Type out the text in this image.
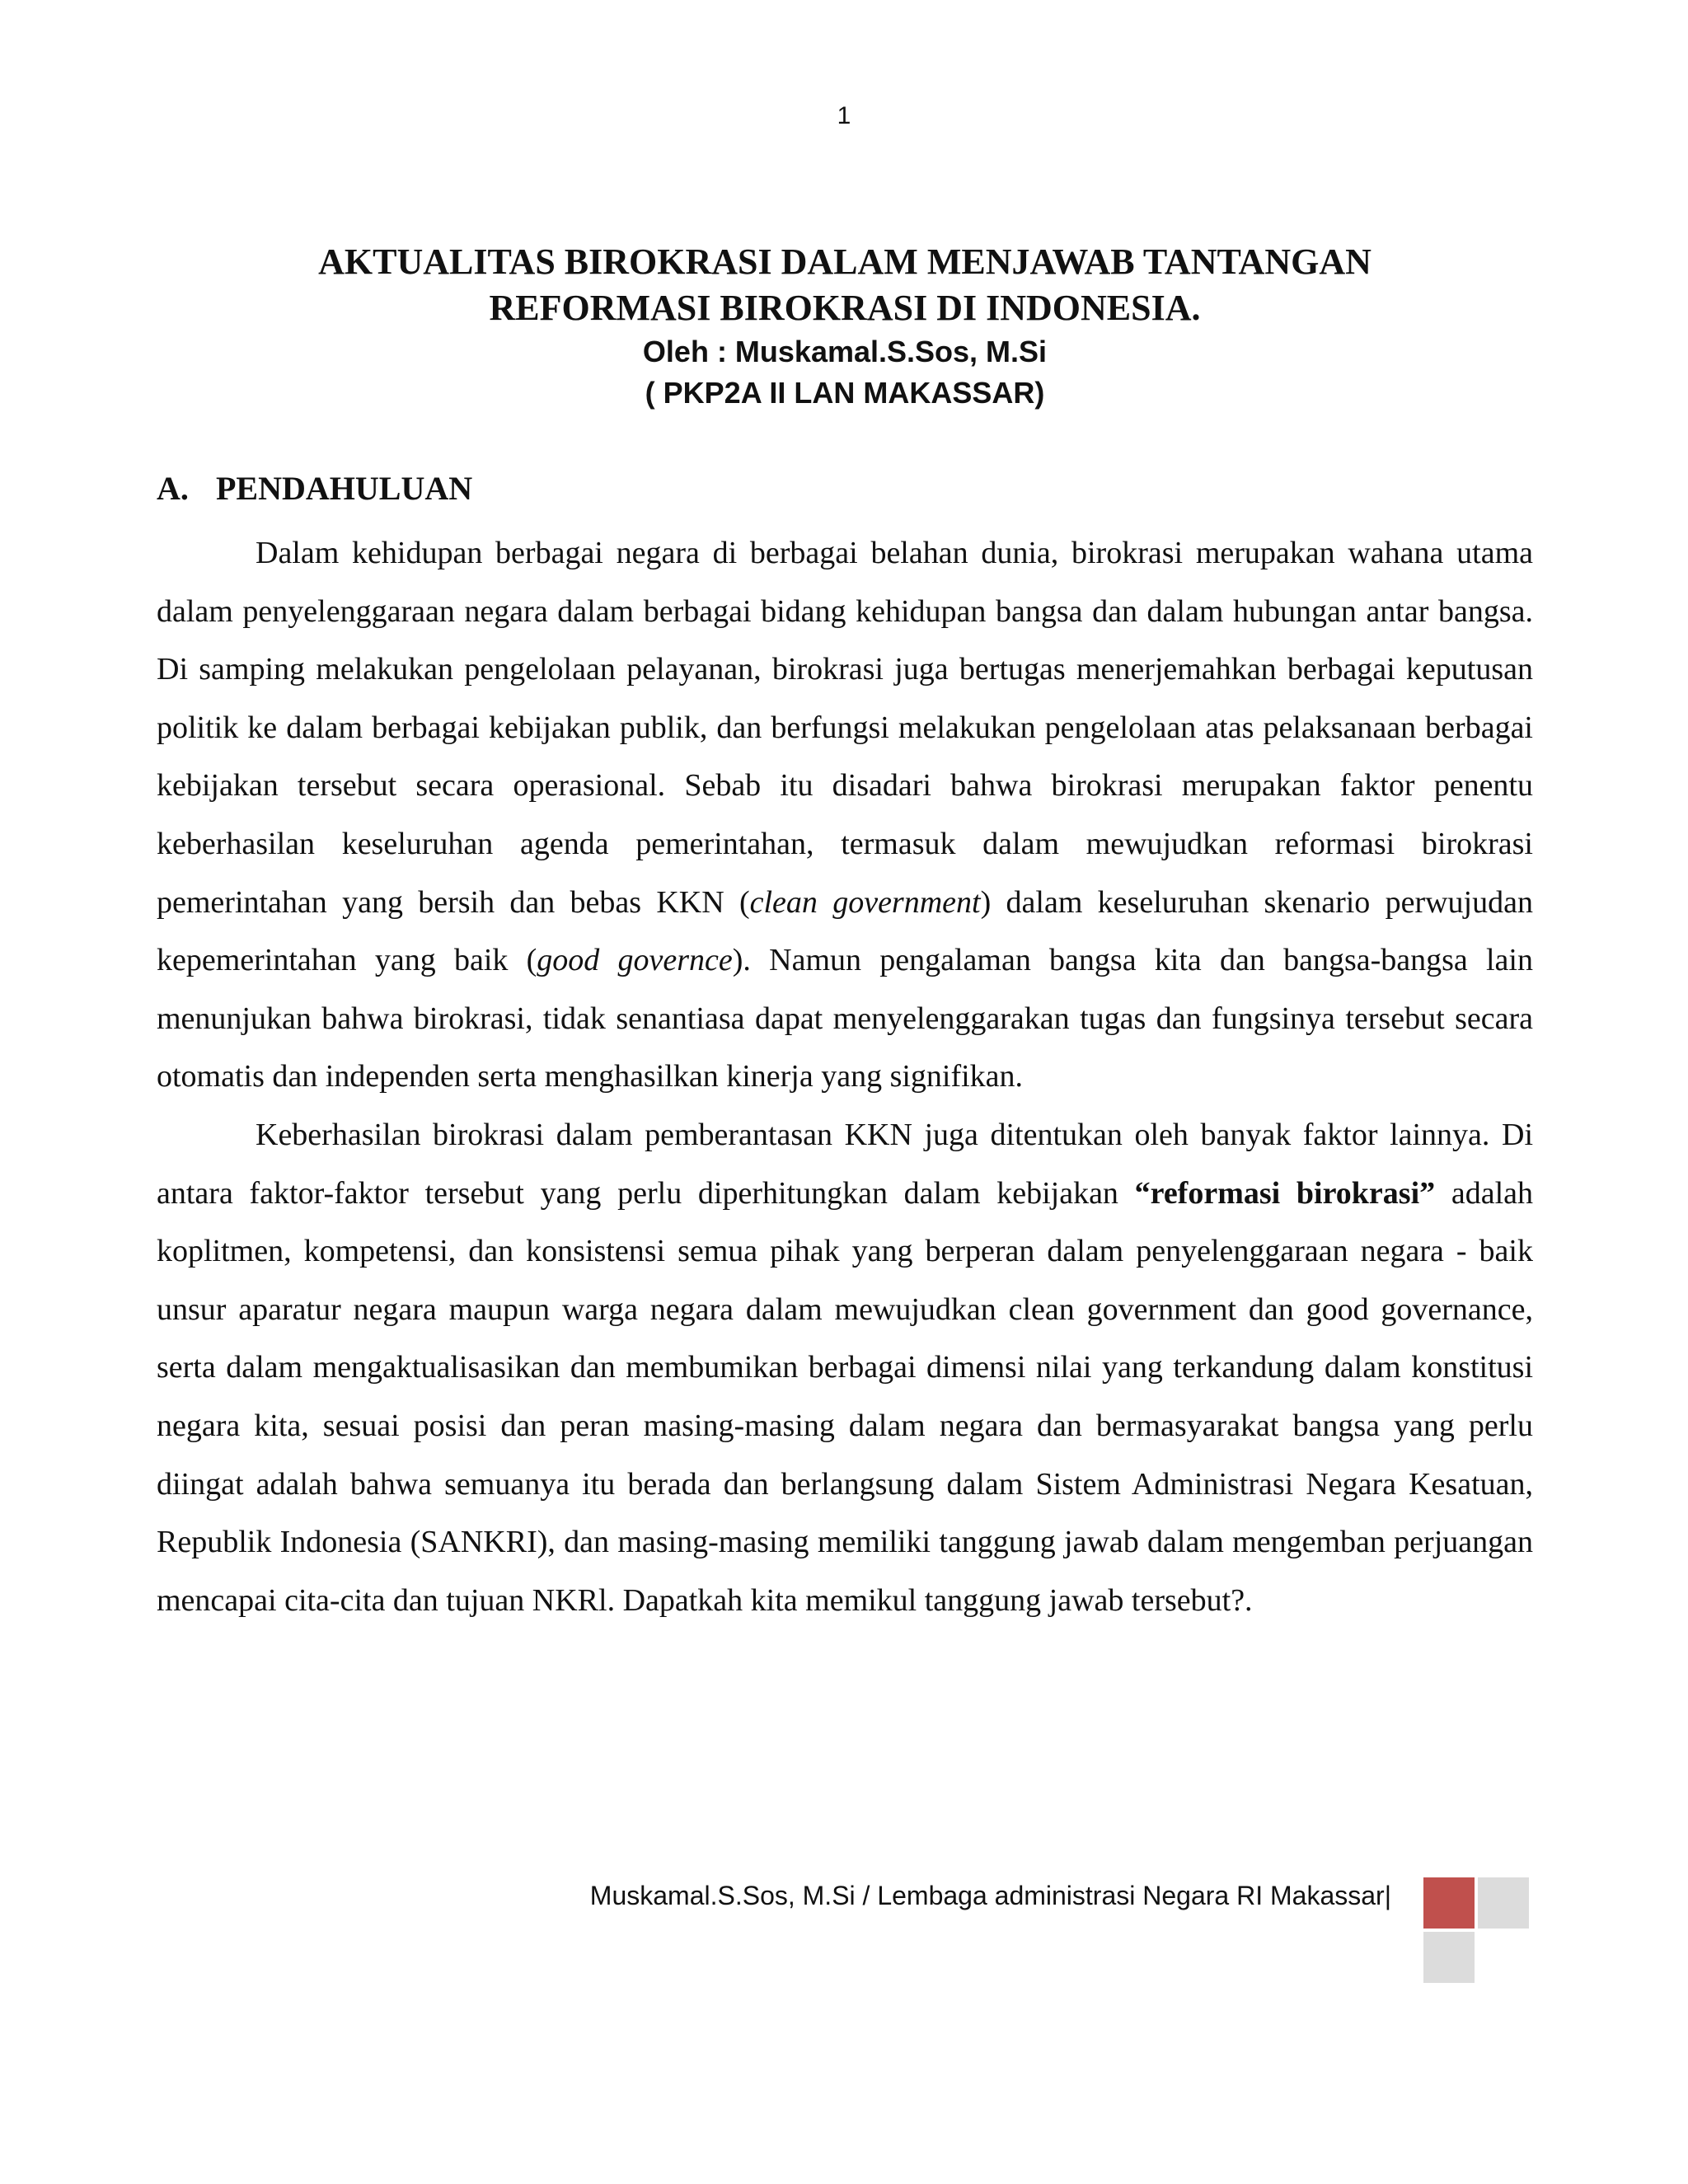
1
AKTUALITAS BIROKRASI DALAM MENJAWAB TANTANGAN
REFORMASI BIROKRASI DI INDONESIA.
Oleh : Muskamal.S.Sos, M.Si
( PKP2A II LAN MAKASSAR)
A. PENDAHULUAN

Dalam kehidupan berbagai negara di berbagai belahan dunia, birokrasi merupakan wahana utama dalam penyelenggaraan negara dalam berbagai bidang kehidupan bangsa dan dalam hubungan antar bangsa. Di samping melakukan pengelolaan pelayanan, birokrasi juga bertugas menerjemahkan berbagai keputusan politik ke dalam berbagai kebijakan publik, dan berfungsi melakukan pengelolaan atas pelaksanaan berbagai kebijakan tersebut secara operasional. Sebab itu disadari bahwa birokrasi merupakan faktor penentu keberhasilan keseluruhan agenda pemerintahan, termasuk dalam mewujudkan reformasi birokrasi pemerintahan yang bersih dan bebas KKN (clean government) dalam keseluruhan skenario perwujudan kepemerintahan yang baik (good governce). Namun pengalaman bangsa kita dan bangsa-bangsa lain menunjukan bahwa birokrasi, tidak senantiasa dapat menyelenggarakan tugas dan fungsinya tersebut secara otomatis dan independen serta menghasilkan kinerja yang signifikan.

Keberhasilan birokrasi dalam pemberantasan KKN juga ditentukan oleh banyak faktor lainnya. Di antara faktor-faktor tersebut yang perlu diperhitungkan dalam kebijakan “reformasi birokrasi” adalah koplitmen, kompetensi, dan konsistensi semua pihak yang berperan dalam penyelenggaraan negara - baik unsur aparatur negara maupun warga negara dalam mewujudkan clean government dan good governance, serta dalam mengaktualisasikan dan membumikan berbagai dimensi nilai yang terkandung dalam konstitusi negara kita, sesuai posisi dan peran masing-masing dalam negara dan bermasyarakat bangsa yang perlu diingat adalah bahwa semuanya itu berada dan berlangsung dalam Sistem Administrasi Negara Kesatuan, Republik Indonesia (SANKRI), dan masing-masing memiliki tanggung jawab dalam mengemban perjuangan mencapai cita-cita dan tujuan NKRl. Dapatkah kita memikul tanggung jawab tersebut?.

Muskamal.S.Sos, M.Si / Lembaga administrasi Negara RI Makassar|
